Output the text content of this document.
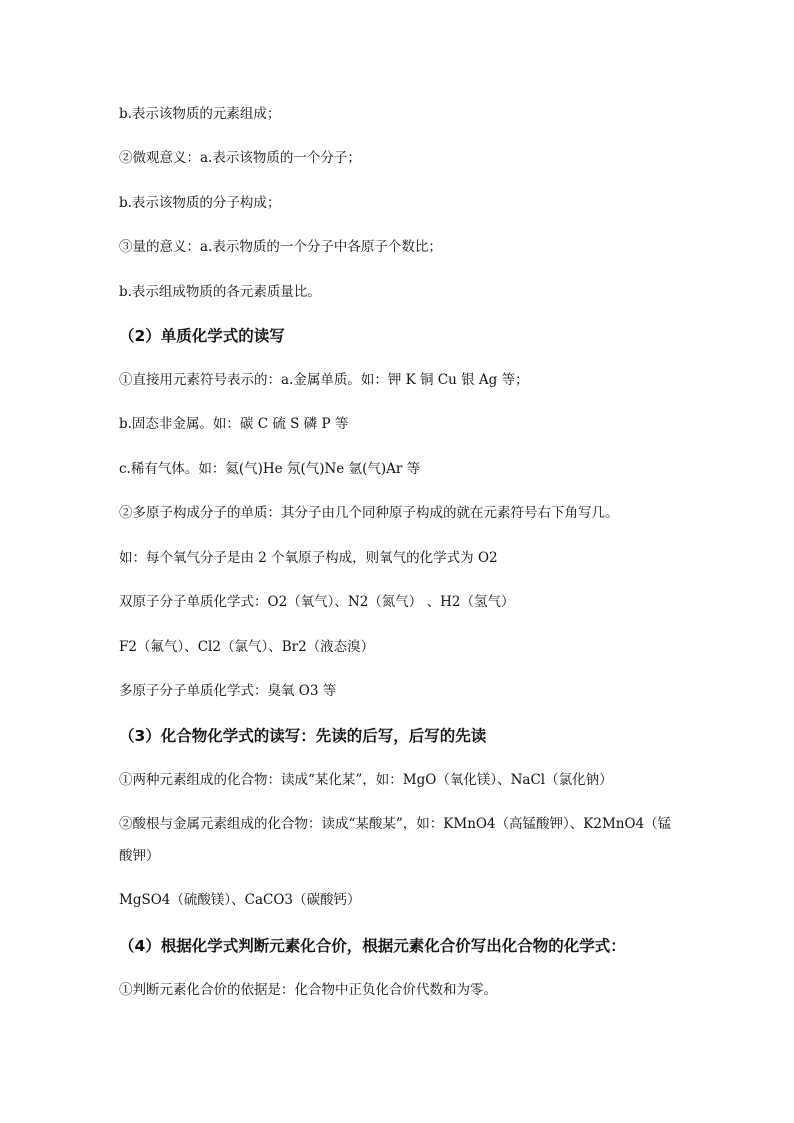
b.表示该物质的元素组成；
②微观意义：a.表示该物质的一个分子；
b.表示该物质的分子构成；
③量的意义：a.表示物质的一个分子中各原子个数比；
b.表示组成物质的各元素质量比。
（2）单质化学式的读写
①直接用元素符号表示的：a.金属单质。如：钾 K 铜 Cu 银 Ag 等；
b.固态非金属。如：碳 C 硫 S 磷 P 等
c.稀有气体。如：氦(气)He 氖(气)Ne 氩(气)Ar 等
②多原子构成分子的单质：其分子由几个同种原子构成的就在元素符号右下角写几。
如：每个氧气分子是由 2 个氧原子构成，则氧气的化学式为 O2
双原子分子单质化学式：O2（氧气）、N2（氮气） 、H2（氢气）
F2（氟气）、Cl2（氯气）、Br2（液态溴）
多原子分子单质化学式：臭氧 O3 等
（3）化合物化学式的读写：先读的后写，后写的先读
①两种元素组成的化合物：读成“某化某”，如：MgO（氧化镁）、NaCl（氯化钠）
②酸根与金属元素组成的化合物：读成“某酸某”，如：KMnO4（高锰酸钾）、K2MnO4（锰酸钾）
MgSO4（硫酸镁）、CaCO3（碳酸钙）
（4）根据化学式判断元素化合价，根据元素化合价写出化合物的化学式：
①判断元素化合价的依据是：化合物中正负化合价代数和为零。
